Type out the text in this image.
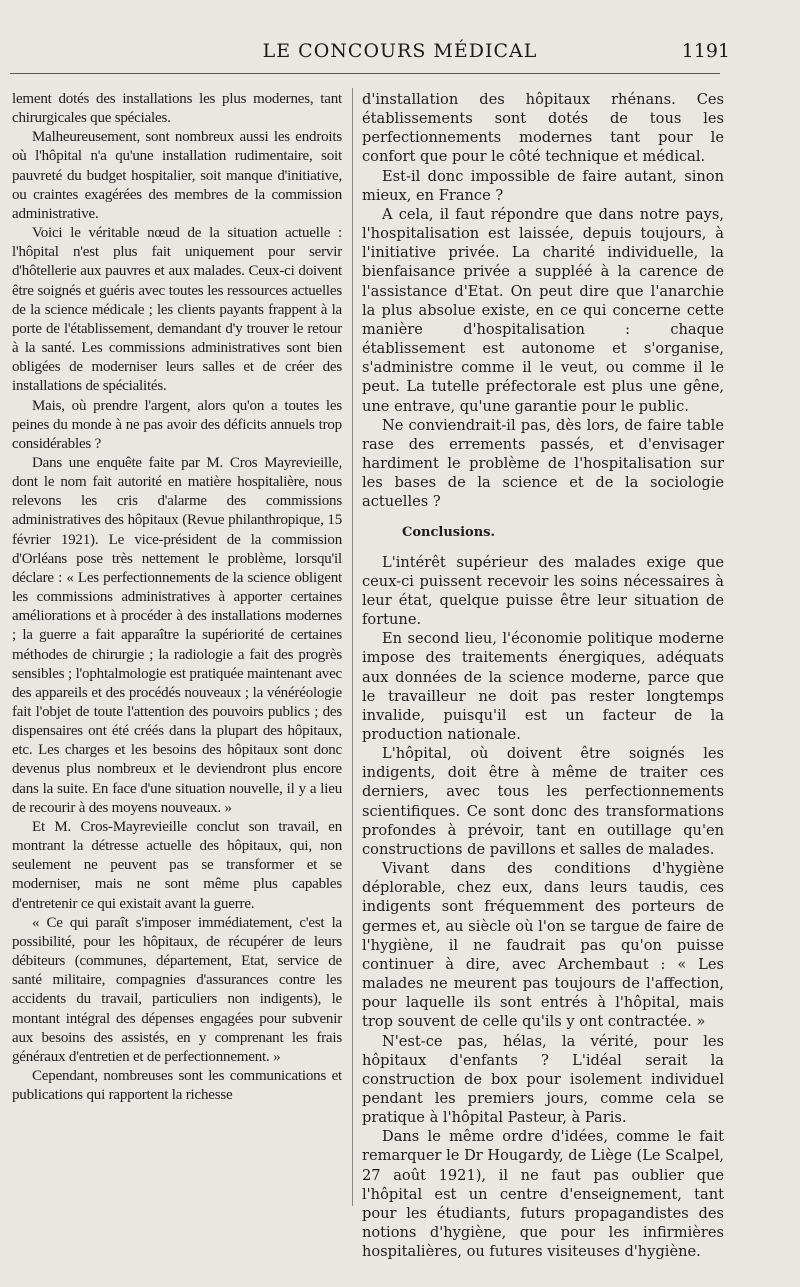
LE CONCOURS MÉDICAL	1191

lement dotés des installations les plus modernes, tant chirurgicales que spéciales.

Malheureusement, sont nombreux aussi les endroits où l'hôpital n'a qu'une installation rudimentaire, soit pauvreté du budget hospitalier, soit manque d'initiative, ou craintes exagérées des membres de la commission administrative.

Voici le véritable nœud de la situation actuelle : l'hôpital n'est plus fait uniquement pour servir d'hôtellerie aux pauvres et aux malades. Ceux-ci doivent être soignés et guéris avec toutes les ressources actuelles de la science médicale ; les clients payants frappent à la porte de l'établissement, demandant d'y trouver le retour à la santé. Les commissions administratives sont bien obligées de moderniser leurs salles et de créer des installations de spécialités.

Mais, où prendre l'argent, alors qu'on a toutes les peines du monde à ne pas avoir des déficits annuels trop considérables ?

Dans une enquête faite par M. Cros Mayrevieille, dont le nom fait autorité en matière hospitalière, nous relevons les cris d'alarme des commissions administratives des hôpitaux (Revue philanthropique, 15 février 1921). Le vice-président de la commission d'Orléans pose très nettement le problème, lorsqu'il déclare : « Les perfectionnements de la science obligent les commissions administratives à apporter certaines améliorations et à procéder à des installations modernes ; la guerre a fait apparaître la supériorité de certaines méthodes de chirurgie ; la radiologie a fait des progrès sensibles ; l'ophtalmologie est pratiquée maintenant avec des appareils et des procédés nouveaux ; la vénéréologie fait l'objet de toute l'attention des pouvoirs publics ; des dispensaires ont été créés dans la plupart des hôpitaux, etc. Les charges et les besoins des hôpitaux sont donc devenus plus nombreux et le deviendront plus encore dans la suite. En face d'une situation nouvelle, il y a lieu de recourir à des moyens nouveaux. »

Et M. Cros-Mayrevieille conclut son travail, en montrant la détresse actuelle des hôpitaux, qui, non seulement ne peuvent pas se transformer et se moderniser, mais ne sont même plus capables d'entretenir ce qui existait avant la guerre.

« Ce qui paraît s'imposer immédiatement, c'est la possibilité, pour les hôpitaux, de récupérer de leurs débiteurs (communes, département, Etat, service de santé militaire, compagnies d'assurances contre les accidents du travail, particuliers non indigents), le montant intégral des dépenses engagées pour subvenir aux besoins des assistés, en y comprenant les frais généraux d'entretien et de perfectionnement. »

Cependant, nombreuses sont les communications et publications qui rapportent la richesse

d'installation des hôpitaux rhénans. Ces établissements sont dotés de tous les perfectionnements modernes tant pour le confort que pour le côté technique et médical.

Est-il donc impossible de faire autant, sinon mieux, en France ?

A cela, il faut répondre que dans notre pays, l'hospitalisation est laissée, depuis toujours, à l'initiative privée. La charité individuelle, la bienfaisance privée a suppléé à la carence de l'assistance d'Etat. On peut dire que l'anarchie la plus absolue existe, en ce qui concerne cette manière d'hospitalisation : chaque établissement est autonome et s'organise, s'administre comme il le veut, ou comme il le peut. La tutelle préfectorale est plus une gêne, une entrave, qu'une garantie pour le public.

Ne conviendrait-il pas, dès lors, de faire table rase des errements passés, et d'envisager hardiment le problème de l'hospitalisation sur les bases de la science et de la sociologie actuelles ?

Conclusions.

L'intérêt supérieur des malades exige que ceux-ci puissent recevoir les soins nécessaires à leur état, quelque puisse être leur situation de fortune.

En second lieu, l'économie politique moderne impose des traitements énergiques, adéquats aux données de la science moderne, parce que le travailleur ne doit pas rester longtemps invalide, puisqu'il est un facteur de la production nationale.

L'hôpital, où doivent être soignés les indigents, doit être à même de traiter ces derniers, avec tous les perfectionnements scientifiques. Ce sont donc des transformations profondes à prévoir, tant en outillage qu'en constructions de pavillons et salles de malades.

Vivant dans des conditions d'hygiène déplorable, chez eux, dans leurs taudis, ces indigents sont fréquemment des porteurs de germes et, au siècle où l'on se targue de faire de l'hygiène, il ne faudrait pas qu'on puisse continuer à dire, avec Archembaut : « Les malades ne meurent pas toujours de l'affection, pour laquelle ils sont entrés à l'hôpital, mais trop souvent de celle qu'ils y ont contractée. »

N'est-ce pas, hélas, la vérité, pour les hôpitaux d'enfants ? L'idéal serait la construction de box pour isolement individuel pendant les premiers jours, comme cela se pratique à l'hôpital Pasteur, à Paris.

Dans le même ordre d'idées, comme le fait remarquer le Dr Hougardy, de Liège (Le Scalpel, 27 août 1921), il ne faut pas oublier que l'hôpital est un centre d'enseignement, tant pour les étudiants, futurs propagandistes des notions d'hygiène, que pour les infirmières hospitalières, ou futures visiteuses d'hygiène.
